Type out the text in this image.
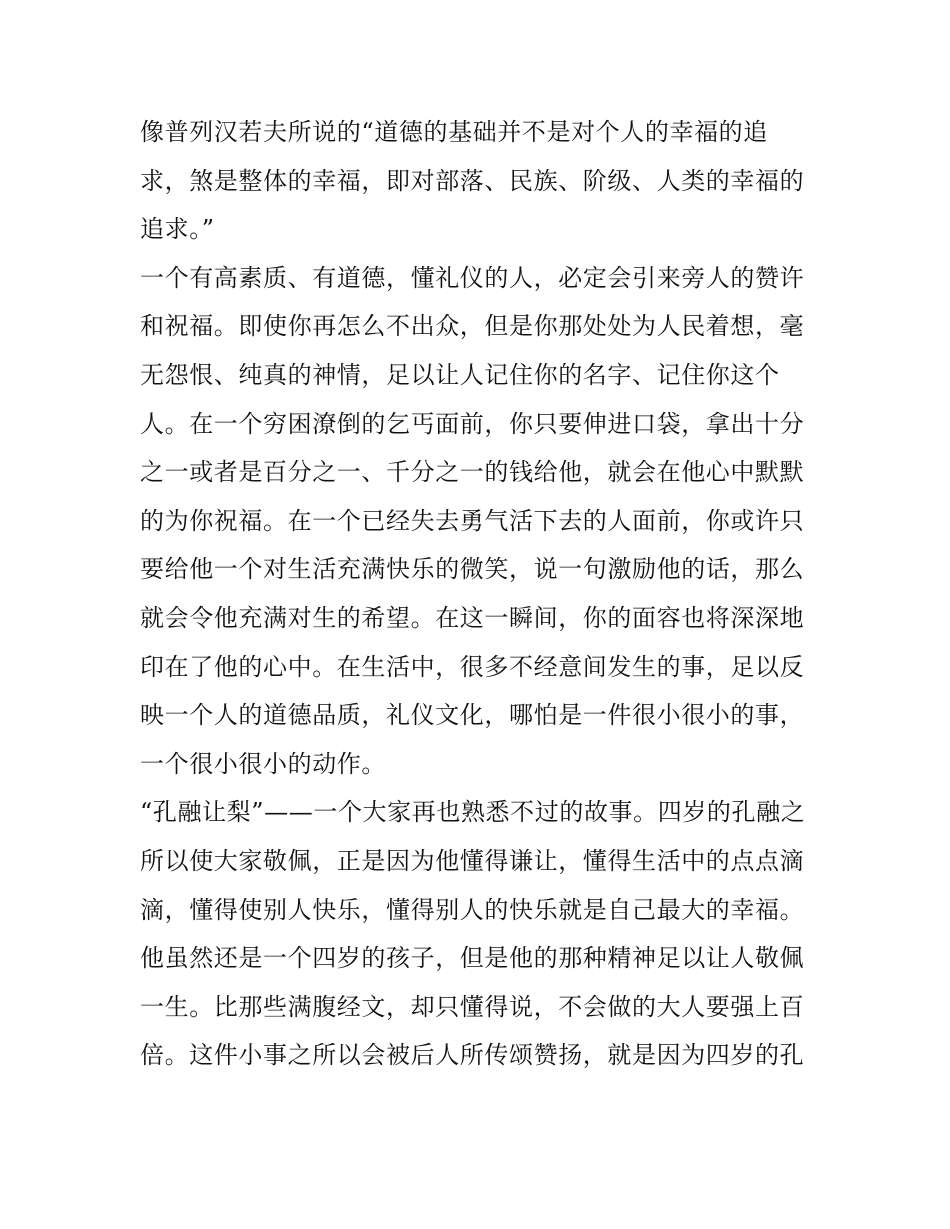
像普列汉若夫所说的“道德的基础并不是对个人的幸福的追
求，煞是整体的幸福，即对部落、民族、阶级、人类的幸福的
追求。”
一个有高素质、有道德，懂礼仪的人，必定会引来旁人的赞许
和祝福。即使你再怎么不出众，但是你那处处为人民着想，毫
无怨恨、纯真的神情，足以让人记住你的名字、记住你这个
人。在一个穷困潦倒的乞丐面前，你只要伸进口袋，拿出十分
之一或者是百分之一、千分之一的钱给他，就会在他心中默默
的为你祝福。在一个已经失去勇气活下去的人面前，你或许只
要给他一个对生活充满快乐的微笑，说一句激励他的话，那么
就会令他充满对生的希望。在这一瞬间，你的面容也将深深地
印在了他的心中。在生活中，很多不经意间发生的事，足以反
映一个人的道德品质，礼仪文化，哪怕是一件很小很小的事，
一个很小很小的动作。
“孔融让梨”——一个大家再也熟悉不过的故事。四岁的孔融之
所以使大家敬佩，正是因为他懂得谦让，懂得生活中的点点滴
滴，懂得使别人快乐，懂得别人的快乐就是自己最大的幸福。
他虽然还是一个四岁的孩子，但是他的那种精神足以让人敬佩
一生。比那些满腹经文，却只懂得说，不会做的大人要强上百
倍。这件小事之所以会被后人所传颂赞扬，就是因为四岁的孔
